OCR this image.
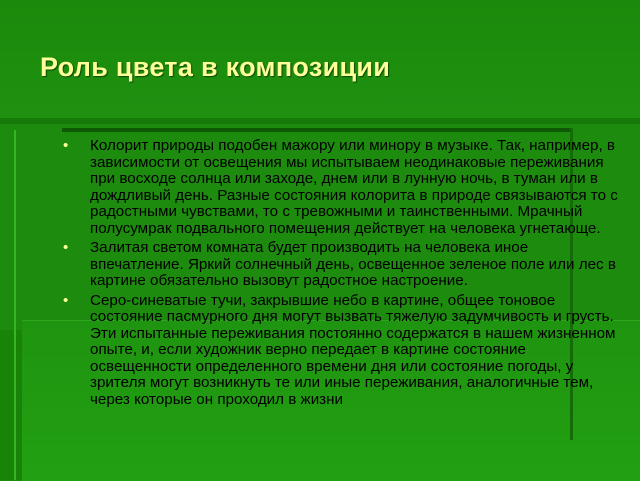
Роль цвета в композиции
• Колорит природы подобен мажору или минору в музыке. Так, например, в зависимости от освещения мы испытываем неодинаковые переживания при восходе солнца или заходе, днем или в лунную ночь, в туман или в дождливый день. Разные состояния колорита в природе связываются то с радостными чувствами, то с тревожными и таинственными. Мрачный полусумрак подвального помещения действует на человека угнетающе.
• Залитая светом комната будет производить на человека иное впечатление. Яркий солнечный день, освещенное зеленое поле или лес в картине обязательно вызовут радостное настроение.
• Серо-синеватые тучи, закрывшие небо в картине, общее тоновое состояние пасмурного дня могут вызвать тяжелую задумчивость и грусть. Эти испытанные переживания постоянно содержатся в нашем жизненном опыте, и, если художник верно передает в картине состояние освещенности определенного времени дня или состояние погоды, у зрителя могут возникнуть те или иные переживания, аналогичные тем, через которые он проходил в жизни
